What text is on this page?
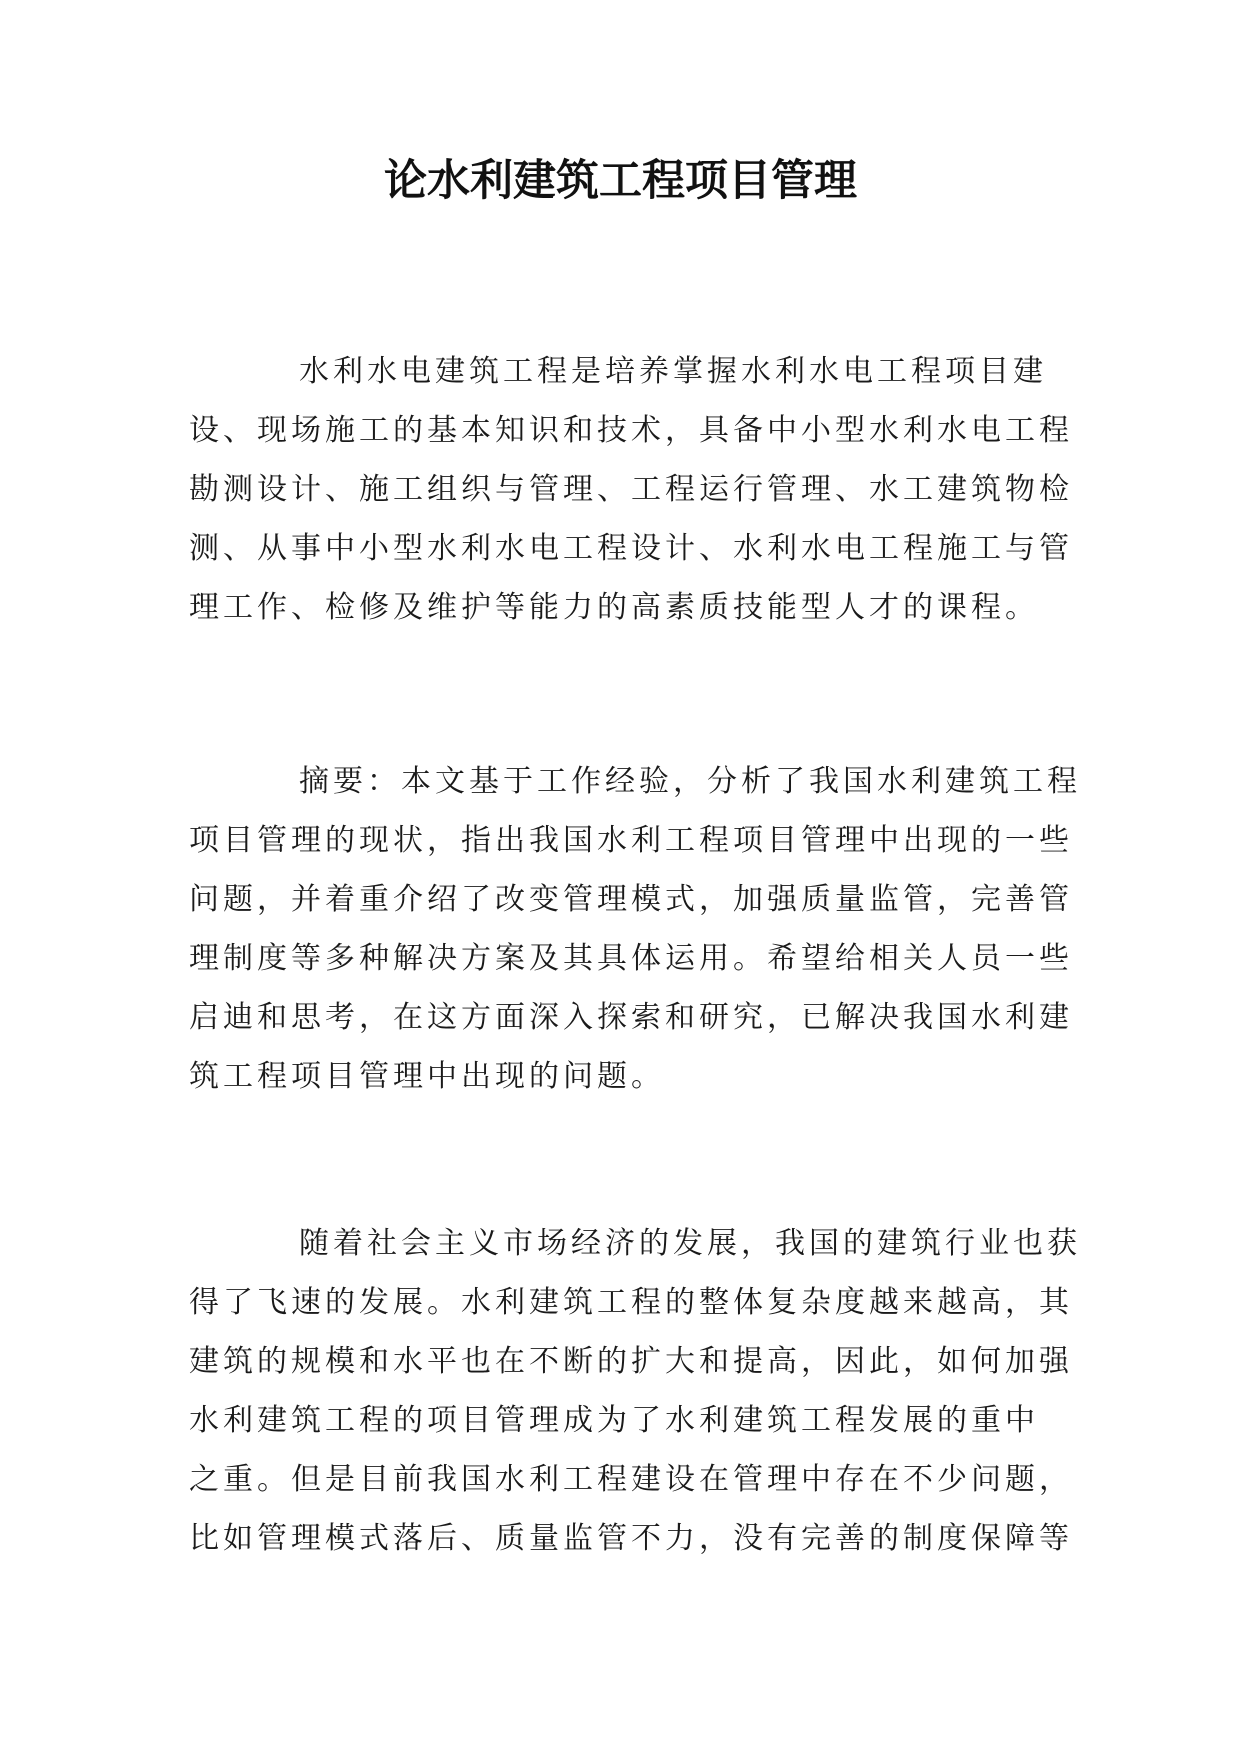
论水利建筑工程项目管理
水利水电建筑工程是培养掌握水利水电工程项目建
设、现场施工的基本知识和技术，具备中小型水利水电工程
勘测设计、施工组织与管理、工程运行管理、水工建筑物检
测、从事中小型水利水电工程设计、水利水电工程施工与管
理工作、检修及维护等能力的高素质技能型人才的课程。
摘要：本文基于工作经验，分析了我国水利建筑工程
项目管理的现状，指出我国水利工程项目管理中出现的一些
问题，并着重介绍了改变管理模式，加强质量监管，完善管
理制度等多种解决方案及其具体运用。希望给相关人员一些
启迪和思考，在这方面深入探索和研究，已解决我国水利建
筑工程项目管理中出现的问题。
随着社会主义市场经济的发展，我国的建筑行业也获
得了飞速的发展。水利建筑工程的整体复杂度越来越高，其
建筑的规模和水平也在不断的扩大和提高，因此，如何加强
水利建筑工程的项目管理成为了水利建筑工程发展的重中
之重。但是目前我国水利工程建设在管理中存在不少问题，
比如管理模式落后、质量监管不力，没有完善的制度保障等
